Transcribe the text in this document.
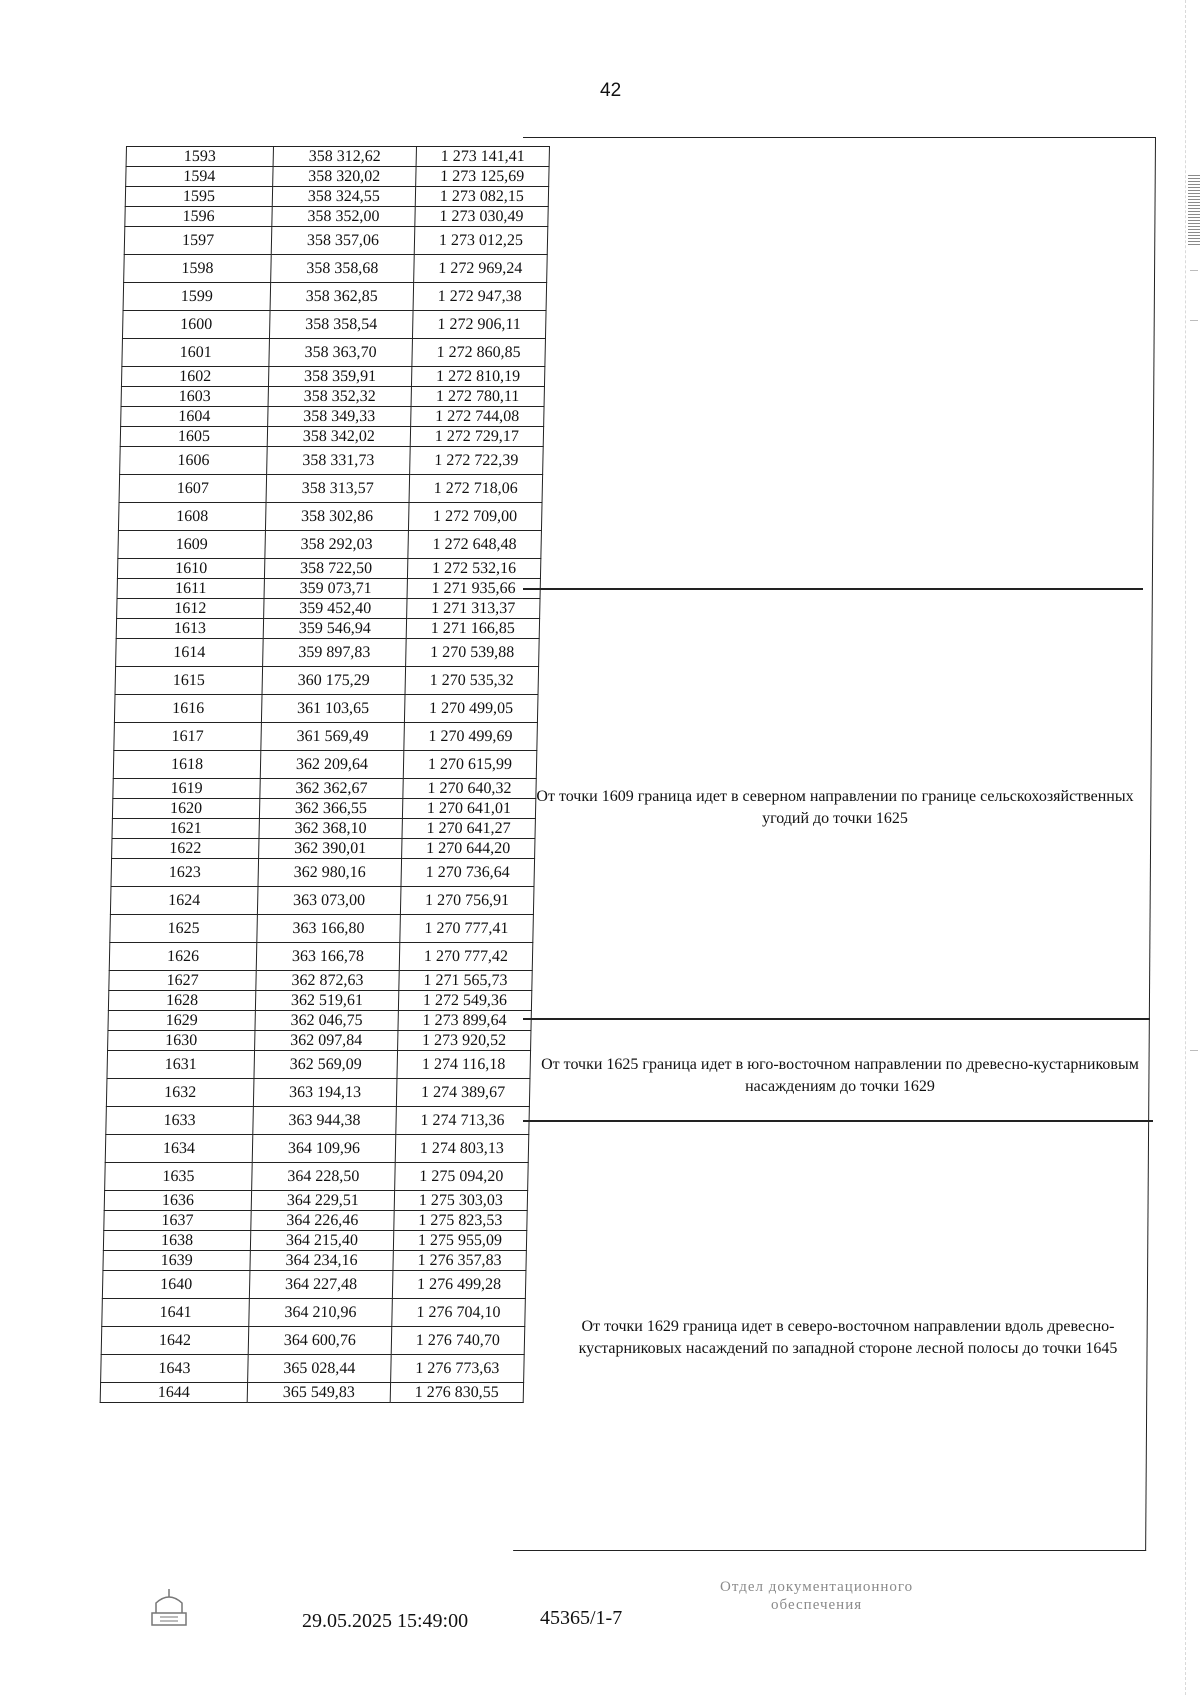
42
1593	358 312,62	1 273 141,41
1594	358 320,02	1 273 125,69
1595	358 324,55	1 273 082,15
1596	358 352,00	1 273 030,49
1597	358 357,06	1 273 012,25
1598	358 358,68	1 272 969,24
1599	358 362,85	1 272 947,38
1600	358 358,54	1 272 906,11
1601	358 363,70	1 272 860,85
1602	358 359,91	1 272 810,19
1603	358 352,32	1 272 780,11
1604	358 349,33	1 272 744,08
1605	358 342,02	1 272 729,17
1606	358 331,73	1 272 722,39
1607	358 313,57	1 272 718,06
1608	358 302,86	1 272 709,00
1609	358 292,03	1 272 648,48
1610	358 722,50	1 272 532,16
1611	359 073,71	1 271 935,66
1612	359 452,40	1 271 313,37
1613	359 546,94	1 271 166,85
1614	359 897,83	1 270 539,88
1615	360 175,29	1 270 535,32
1616	361 103,65	1 270 499,05
1617	361 569,49	1 270 499,69
1618	362 209,64	1 270 615,99
1619	362 362,67	1 270 640,32
1620	362 366,55	1 270 641,01
1621	362 368,10	1 270 641,27
1622	362 390,01	1 270 644,20
1623	362 980,16	1 270 736,64
1624	363 073,00	1 270 756,91
1625	363 166,80	1 270 777,41
1626	363 166,78	1 270 777,42
1627	362 872,63	1 271 565,73
1628	362 519,61	1 272 549,36
1629	362 046,75	1 273 899,64
1630	362 097,84	1 273 920,52
1631	362 569,09	1 274 116,18
1632	363 194,13	1 274 389,67
1633	363 944,38	1 274 713,36
1634	364 109,96	1 274 803,13
1635	364 228,50	1 275 094,20
1636	364 229,51	1 275 303,03
1637	364 226,46	1 275 823,53
1638	364 215,40	1 275 955,09
1639	364 234,16	1 276 357,83
1640	364 227,48	1 276 499,28
1641	364 210,96	1 276 704,10
1642	364 600,76	1 276 740,70
1643	365 028,44	1 276 773,63
1644	365 549,83	1 276 830,55
От точки 1609 граница идет в северном направлении по границе сельскохозяйственных угодий до точки 1625
От точки 1625 граница идет в юго-восточном направлении по древесно-кустарниковым насаждениям до точки 1629
От точки 1629 граница идет в северо-восточном направлении вдоль древесно-кустарниковых насаждений по западной стороне лесной полосы до точки 1645
29.05.2025 15:49:00	45365/1-7
Отдел документационного
обеспечения
